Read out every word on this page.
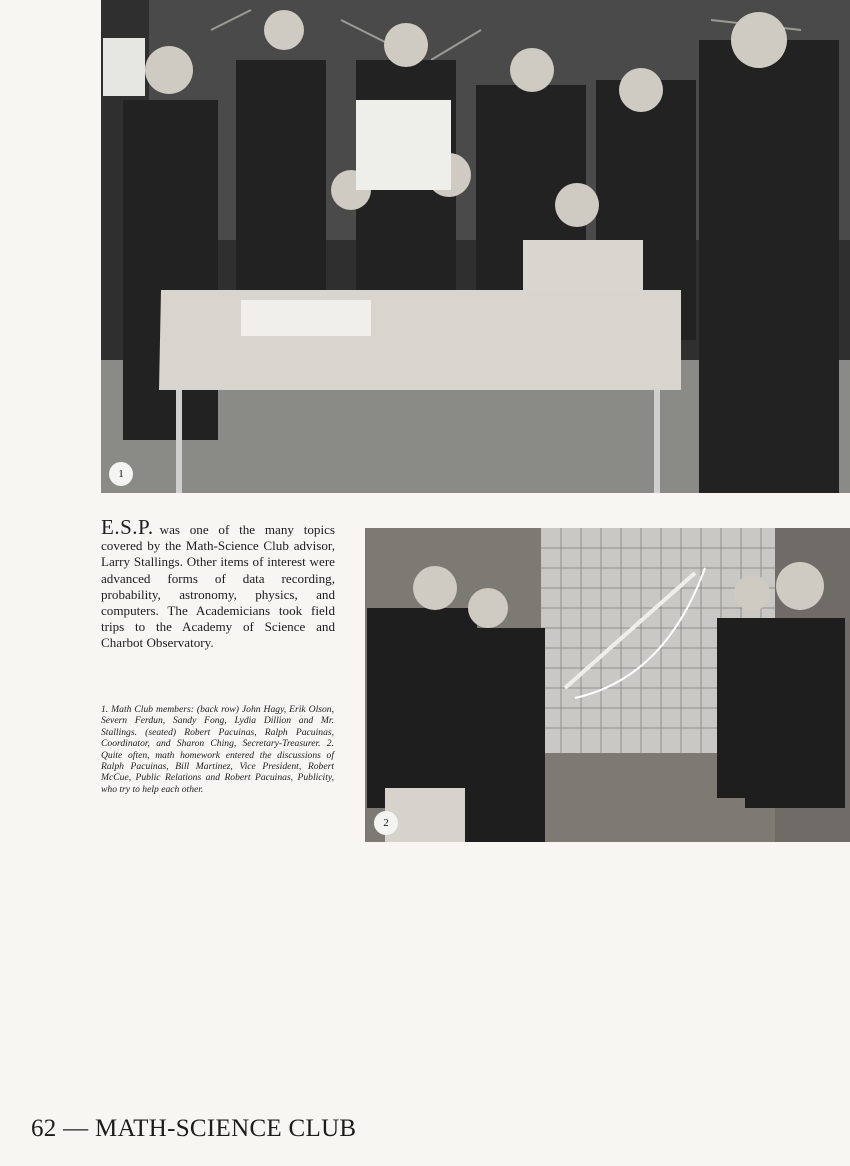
1
E.S.P. was one of the many topics covered by the Math-Science Club advisor, Larry Stallings. Other items of interest were advanced forms of data recording, probability, astronomy, physics, and computers. The Academicians took field trips to the Academy of Science and Charbot Observatory.
1. Math Club members: (back row) John Hagy, Erik Olson, Severn Ferdun, Sandy Fong, Lydia Dillion and Mr. Stallings. (seated) Robert Pacuinas, Ralph Pacuinas, Coordinator, and Sharon Ching, Secretary-Treasurer. 2. Quite often, math homework entered the discussions of Ralph Pacuinas, Bill Martinez, Vice President, Robert McCue, Public Relations and Robert Pacuinas, Publicity, who try to help each other.
2
62 — MATH-SCIENCE CLUB
